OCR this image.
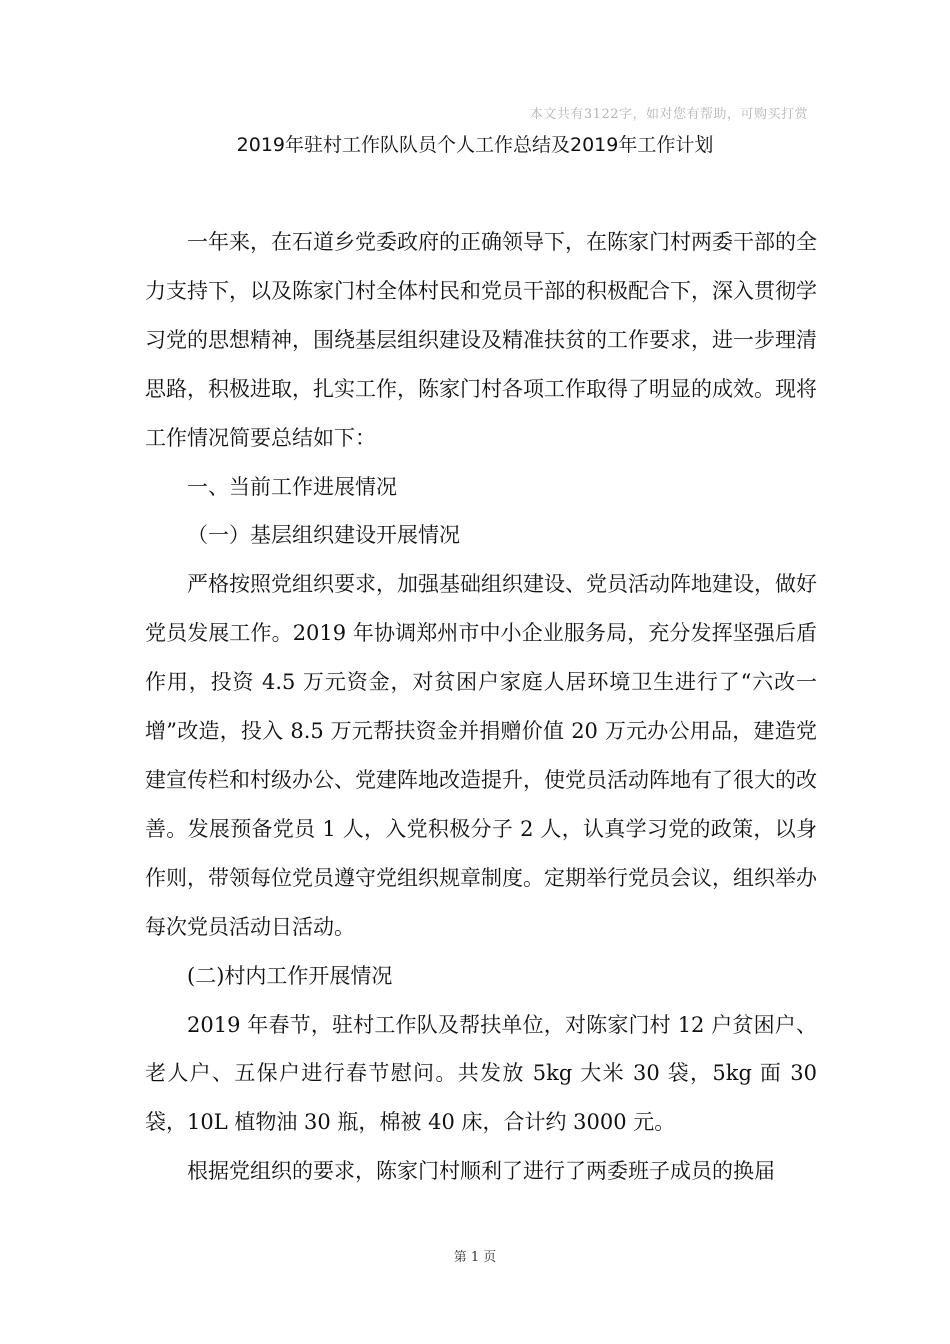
本文共有3122字，如对您有帮助，可购买打赏
2019年驻村工作队队员个人工作总结及2019年工作计划

一年来，在石道乡党委政府的正确领导下，在陈家门村两委干部的全力支持下，以及陈家门村全体村民和党员干部的积极配合下，深入贯彻学习党的思想精神，围绕基层组织建设及精准扶贫的工作要求，进一步理清思路，积极进取，扎实工作，陈家门村各项工作取得了明显的成效。现将工作情况简要总结如下：

一、当前工作进展情况

（一）基层组织建设开展情况

严格按照党组织要求，加强基础组织建设、党员活动阵地建设，做好党员发展工作。2019 年协调郑州市中小企业服务局，充分发挥坚强后盾作用，投资 4.5 万元资金，对贫困户家庭人居环境卫生进行了“六改一增”改造，投入 8.5 万元帮扶资金并捐赠价值 20 万元办公用品，建造党建宣传栏和村级办公、党建阵地改造提升，使党员活动阵地有了很大的改善。发展预备党员 1 人，入党积极分子 2 人，认真学习党的政策，以身作则，带领每位党员遵守党组织规章制度。定期举行党员会议，组织举办每次党员活动日活动。

(二)村内工作开展情况

2019 年春节，驻村工作队及帮扶单位，对陈家门村 12 户贫困户、老人户、五保户进行春节慰问。共发放 5kg 大米 30 袋，5kg 面 30 袋，10L 植物油 30 瓶，棉被 40 床，合计约 3000 元。

根据党组织的要求，陈家门村顺利了进行了两委班子成员的换届

第 1 页
